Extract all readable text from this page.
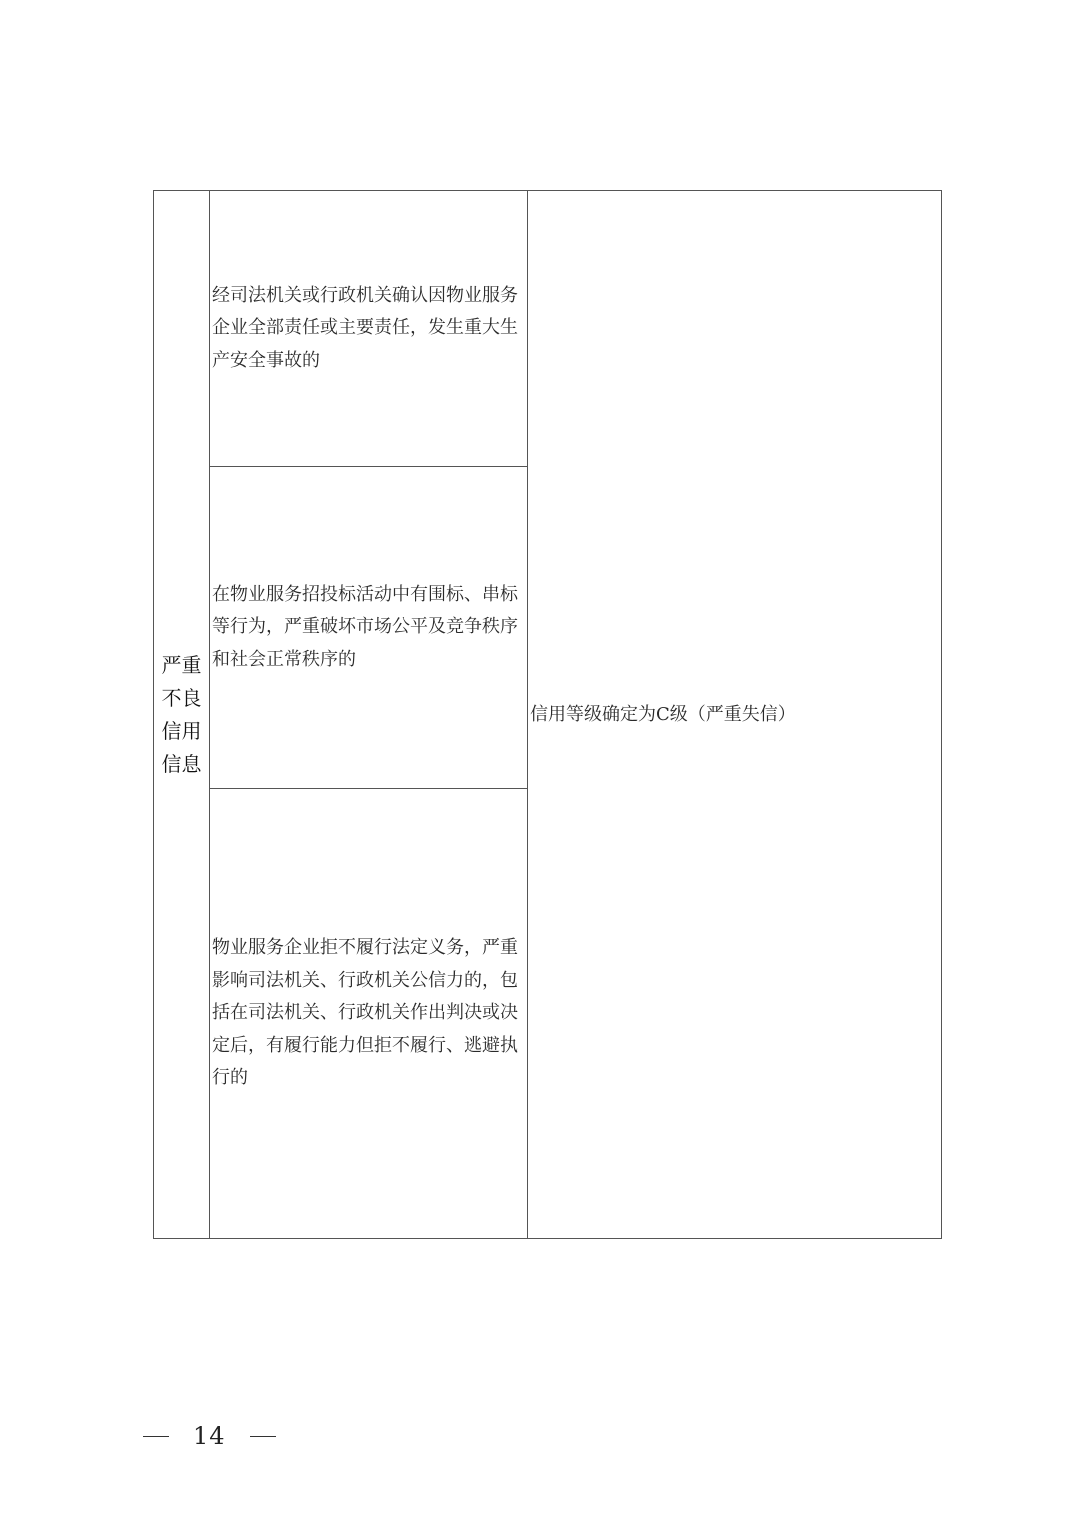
严重不良信用信息
经司法机关或行政机关确认因物业服务企业全部责任或主要责任，发生重大生产安全事故的
在物业服务招投标活动中有围标、串标等行为，严重破坏市场公平及竞争秩序和社会正常秩序的
物业服务企业拒不履行法定义务，严重影响司法机关、行政机关公信力的，包括在司法机关、行政机关作出判决或决定后，有履行能力但拒不履行、逃避执行的
信用等级确定为C级（严重失信）
14
